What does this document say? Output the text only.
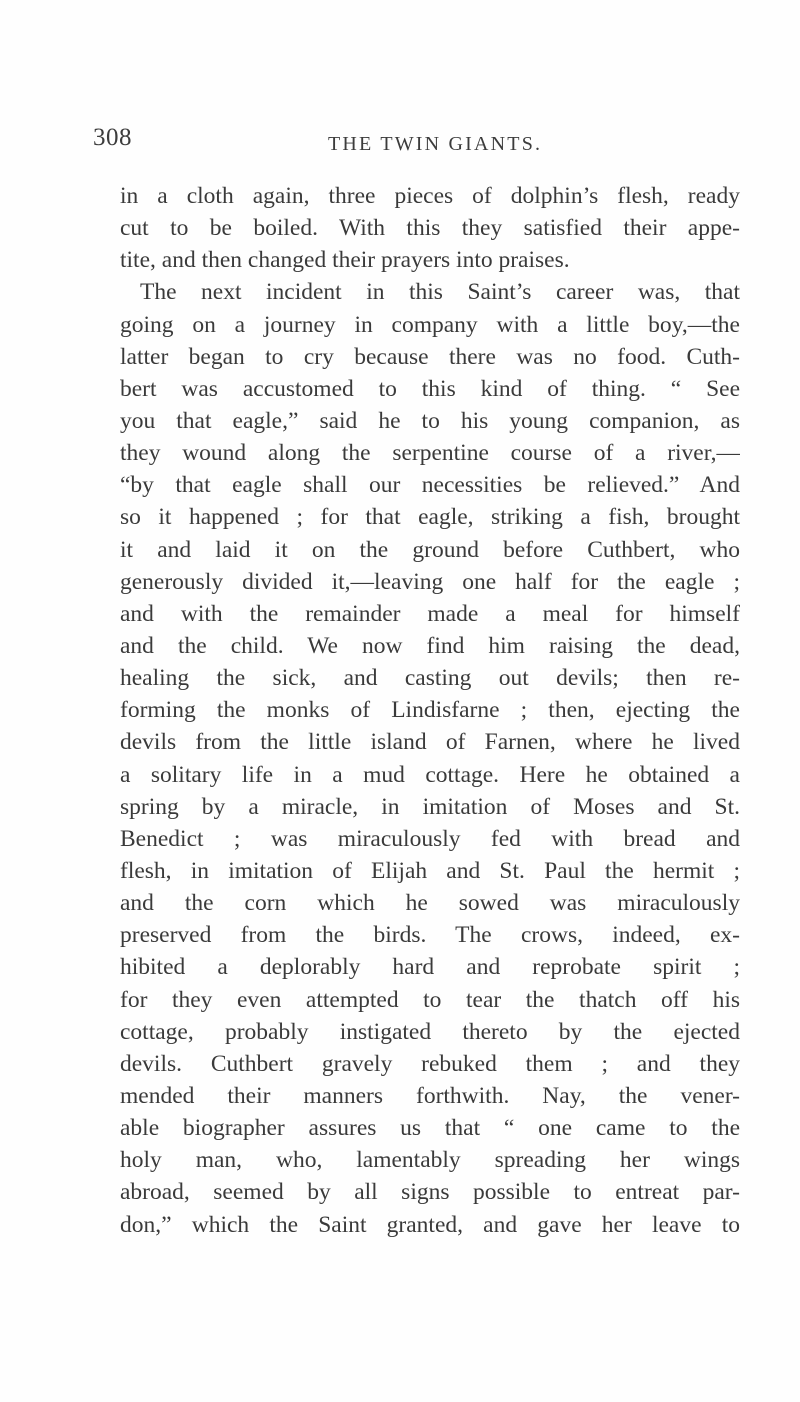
308	THE TWIN GIANTS.
in a cloth again, three pieces of dolphin’s flesh, ready
cut to be boiled. With this they satisfied their appe-
tite, and then changed their prayers into praises.
The next incident in this Saint’s career was, that
going on a journey in company with a little boy,—the
latter began to cry because there was no food. Cuth-
bert was accustomed to this kind of thing. “ See
you that eagle,” said he to his young companion, as
they wound along the serpentine course of a river,—
“by that eagle shall our necessities be relieved.” And
so it happened ; for that eagle, striking a fish, brought
it and laid it on the ground before Cuthbert, who
generously divided it,—leaving one half for the eagle ;
and with the remainder made a meal for himself
and the child. We now find him raising the dead,
healing the sick, and casting out devils; then re-
forming the monks of Lindisfarne ; then, ejecting the
devils from the little island of Farnen, where he lived
a solitary life in a mud cottage. Here he obtained a
spring by a miracle, in imitation of Moses and St.
Benedict ; was miraculously fed with bread and
flesh, in imitation of Elijah and St. Paul the hermit ;
and the corn which he sowed was miraculously
preserved from the birds. The crows, indeed, ex-
hibited a deplorably hard and reprobate spirit ;
for they even attempted to tear the thatch off his
cottage, probably instigated thereto by the ejected
devils. Cuthbert gravely rebuked them ; and they
mended their manners forthwith. Nay, the vener-
able biographer assures us that “ one came to the
holy man, who, lamentably spreading her wings
abroad, seemed by all signs possible to entreat par-
don,” which the Saint granted, and gave her leave to
